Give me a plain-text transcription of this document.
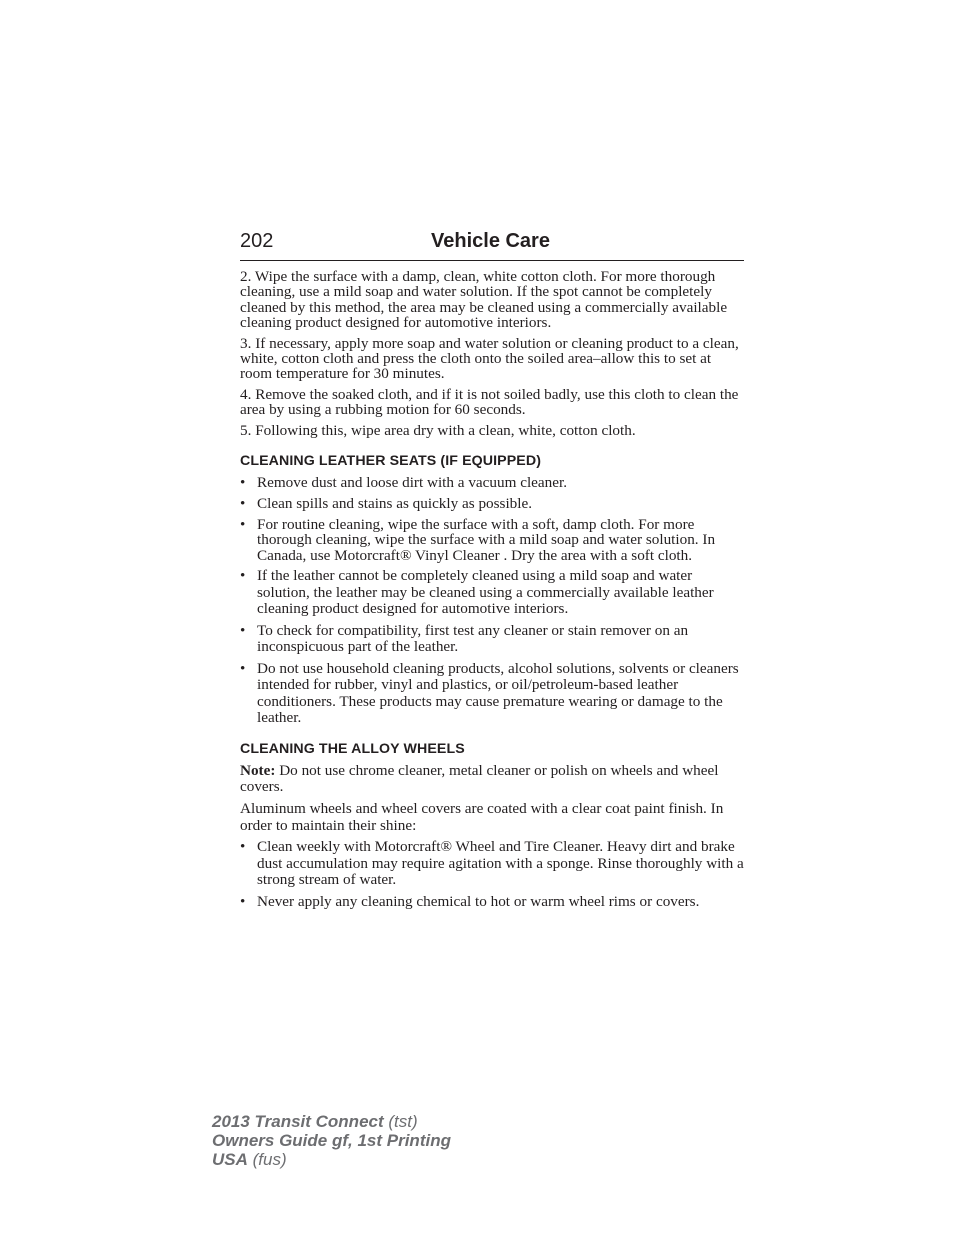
202	Vehicle Care

2. Wipe the surface with a damp, clean, white cotton cloth. For more thorough cleaning, use a mild soap and water solution. If the spot cannot be completely cleaned by this method, the area may be cleaned using a commercially available cleaning product designed for automotive interiors.

3. If necessary, apply more soap and water solution or cleaning product to a clean, white, cotton cloth and press the cloth onto the soiled area–allow this to set at room temperature for 30 minutes.

4. Remove the soaked cloth, and if it is not soiled badly, use this cloth to clean the area by using a rubbing motion for 60 seconds.

5. Following this, wipe area dry with a clean, white, cotton cloth.

CLEANING LEATHER SEATS (IF EQUIPPED)
• Remove dust and loose dirt with a vacuum cleaner.
• Clean spills and stains as quickly as possible.
• For routine cleaning, wipe the surface with a soft, damp cloth. For more thorough cleaning, wipe the surface with a mild soap and water solution. In Canada, use Motorcraft® Vinyl Cleaner . Dry the area with a soft cloth.
• If the leather cannot be completely cleaned using a mild soap and water solution, the leather may be cleaned using a commercially available leather cleaning product designed for automotive interiors.
• To check for compatibility, first test any cleaner or stain remover on an inconspicuous part of the leather.
• Do not use household cleaning products, alcohol solutions, solvents or cleaners intended for rubber, vinyl and plastics, or oil/petroleum-based leather conditioners. These products may cause premature wearing or damage to the leather.
CLEANING THE ALLOY WHEELS

Note: Do not use chrome cleaner, metal cleaner or polish on wheels and wheel covers.

Aluminum wheels and wheel covers are coated with a clear coat paint finish. In order to maintain their shine:

• Clean weekly with Motorcraft® Wheel and Tire Cleaner. Heavy dirt and brake dust accumulation may require agitation with a sponge. Rinse thoroughly with a strong stream of water.
• Never apply any cleaning chemical to hot or warm wheel rims or covers.
2013 Transit Connect (tst)
Owners Guide gf, 1st Printing
USA (fus)
